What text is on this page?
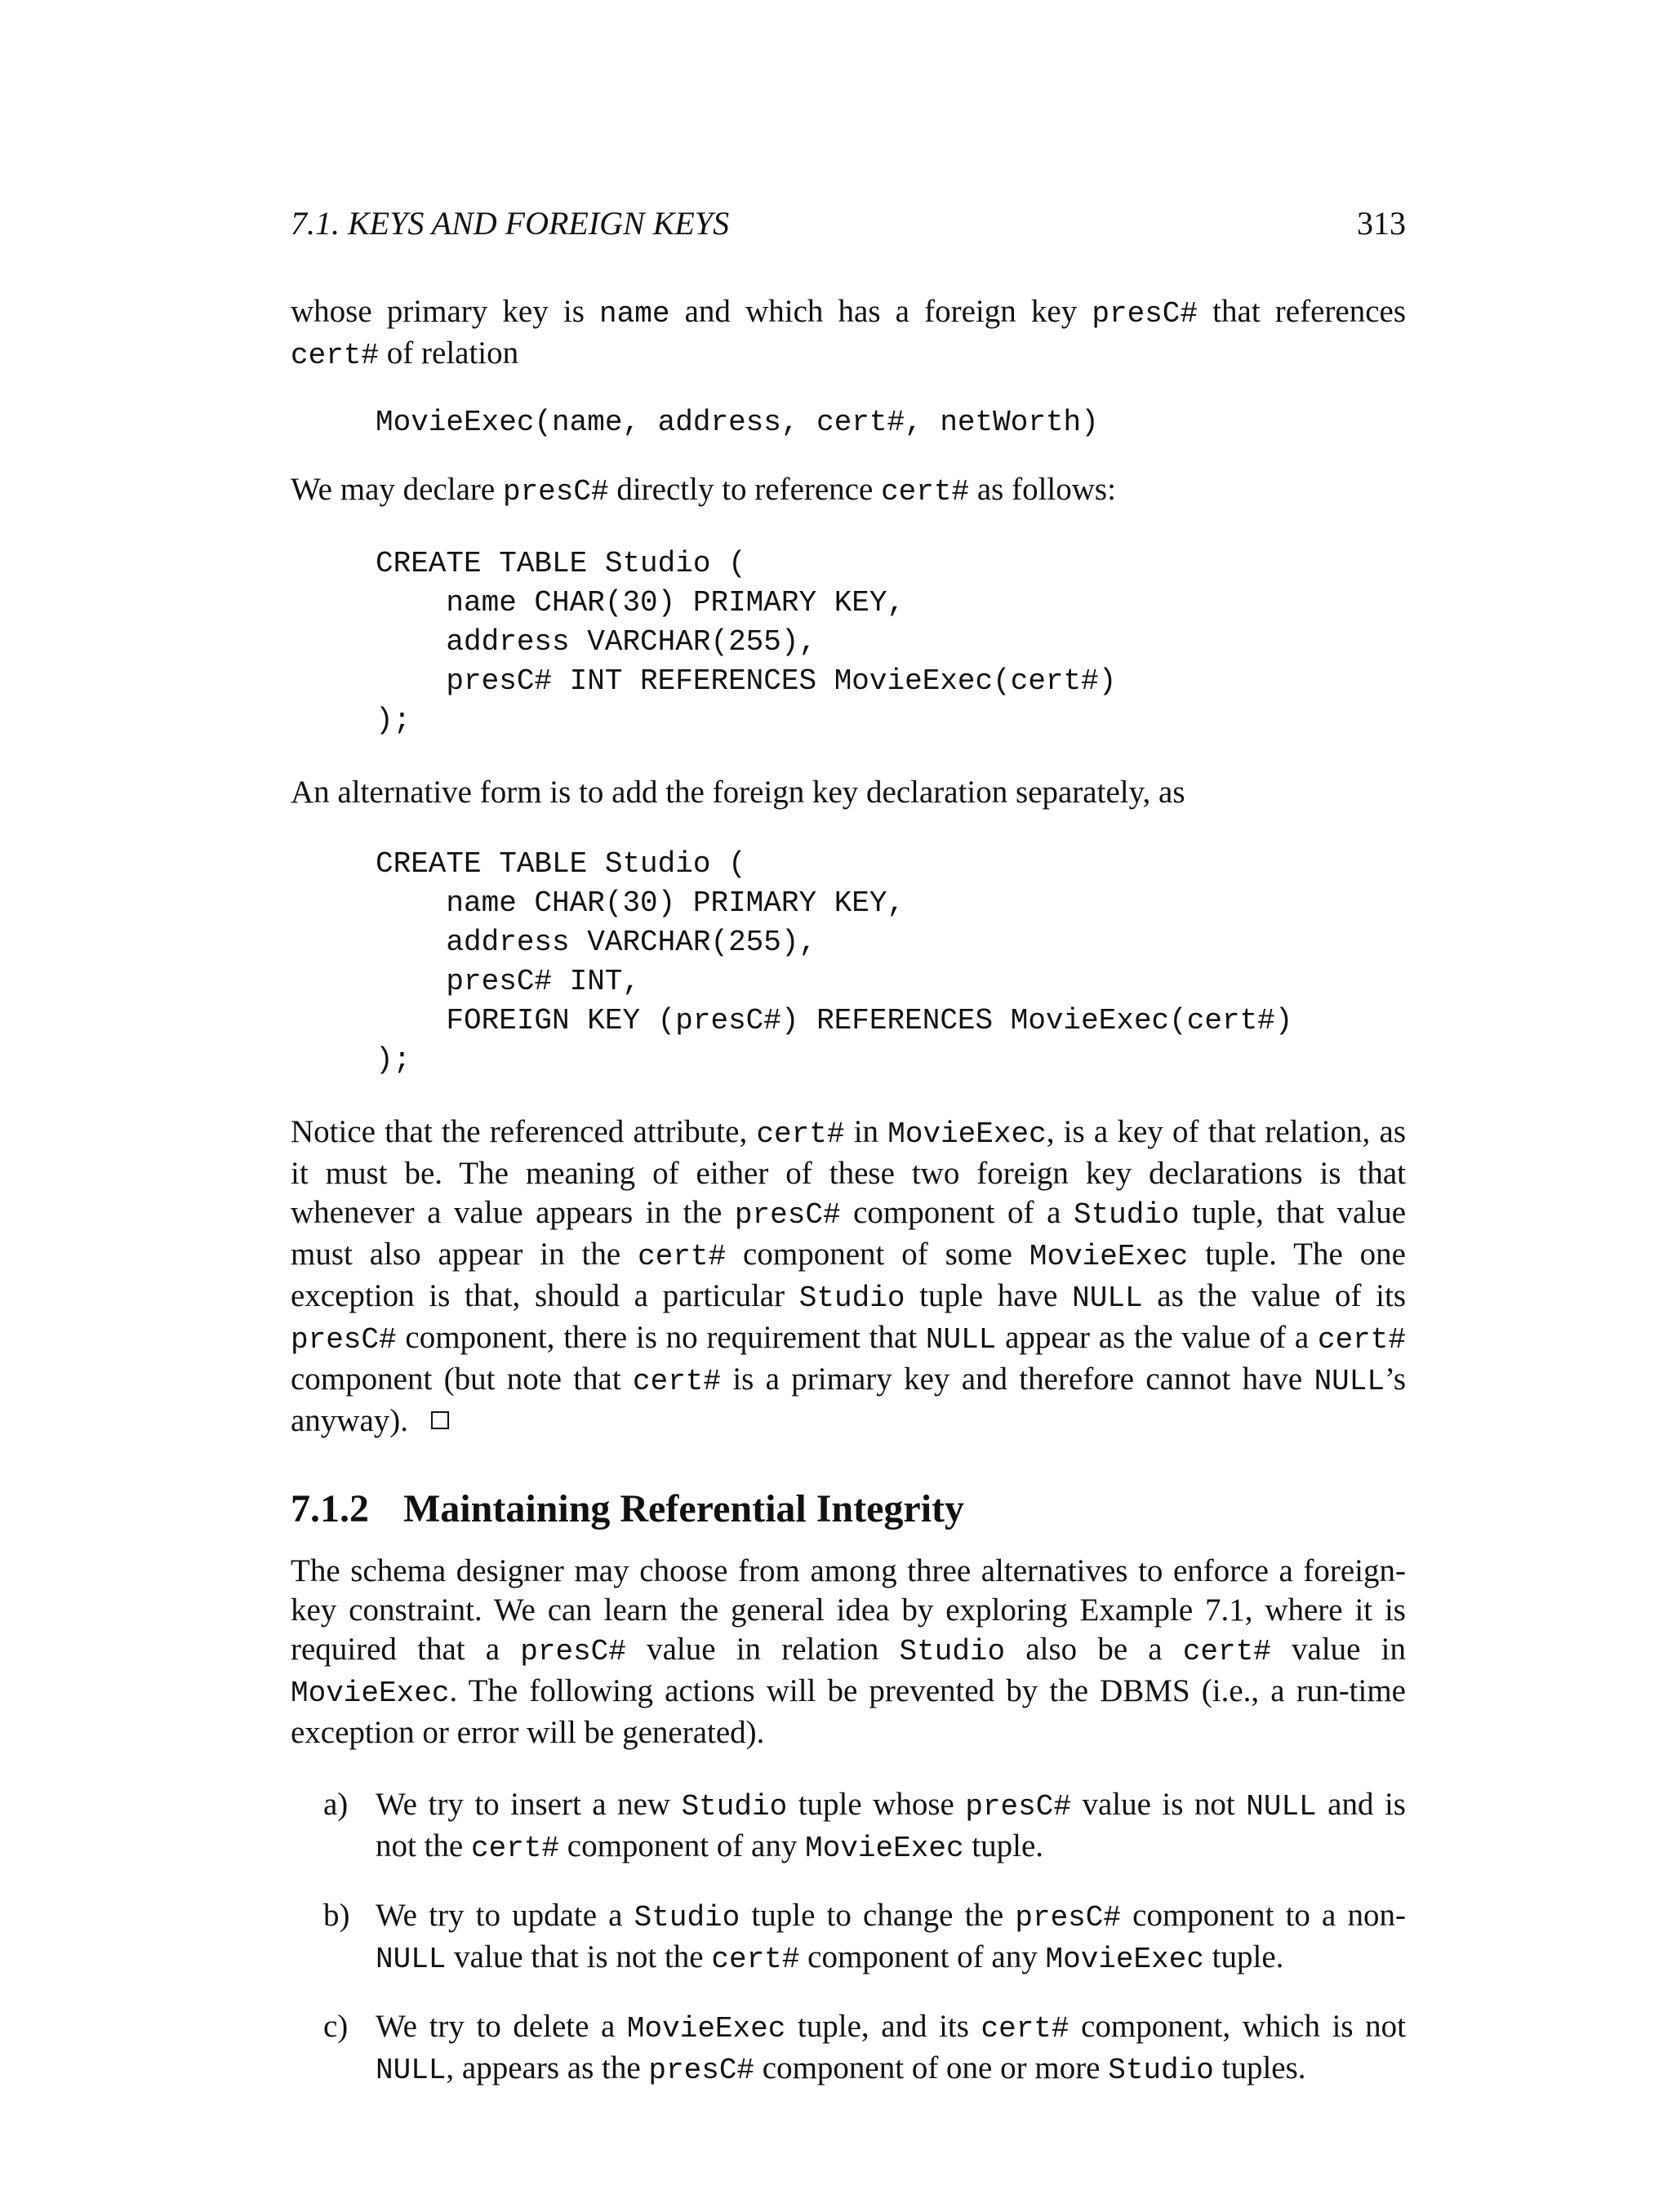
7.1. KEYS AND FOREIGN KEYS	313

whose primary key is name and which has a foreign key presC# that references cert# of relation

MovieExec(name, address, cert#, netWorth)

We may declare presC# directly to reference cert# as follows:

CREATE TABLE Studio (
name CHAR(30) PRIMARY KEY,
address VARCHAR(255),
presC# INT REFERENCES MovieExec(cert#)
);

An alternative form is to add the foreign key declaration separately, as

CREATE TABLE Studio (
name CHAR(30) PRIMARY KEY,
address VARCHAR(255),
presC# INT,
FOREIGN KEY (presC#) REFERENCES MovieExec(cert#)
);

Notice that the referenced attribute, cert# in MovieExec, is a key of that relation, as it must be. The meaning of either of these two foreign key declarations is that whenever a value appears in the presC# component of a Studio tuple, that value must also appear in the cert# component of some MovieExec tuple. The one exception is that, should a particular Studio tuple have NULL as the value of its presC# component, there is no requirement that NULL appear as the value of a cert# component (but note that cert# is a primary key and therefore cannot have NULL’s anyway).

7.1.2 Maintaining Referential Integrity

The schema designer may choose from among three alternatives to enforce a foreign-key constraint. We can learn the general idea by exploring Example 7.1, where it is required that a presC# value in relation Studio also be a cert# value in MovieExec. The following actions will be prevented by the DBMS (i.e., a run-time exception or error will be generated).

a) We try to insert a new Studio tuple whose presC# value is not NULL and is not the cert# component of any MovieExec tuple.
b) We try to update a Studio tuple to change the presC# component to a non-NULL value that is not the cert# component of any MovieExec tuple.
c) We try to delete a MovieExec tuple, and its cert# component, which is not NULL, appears as the presC# component of one or more Studio tuples.
